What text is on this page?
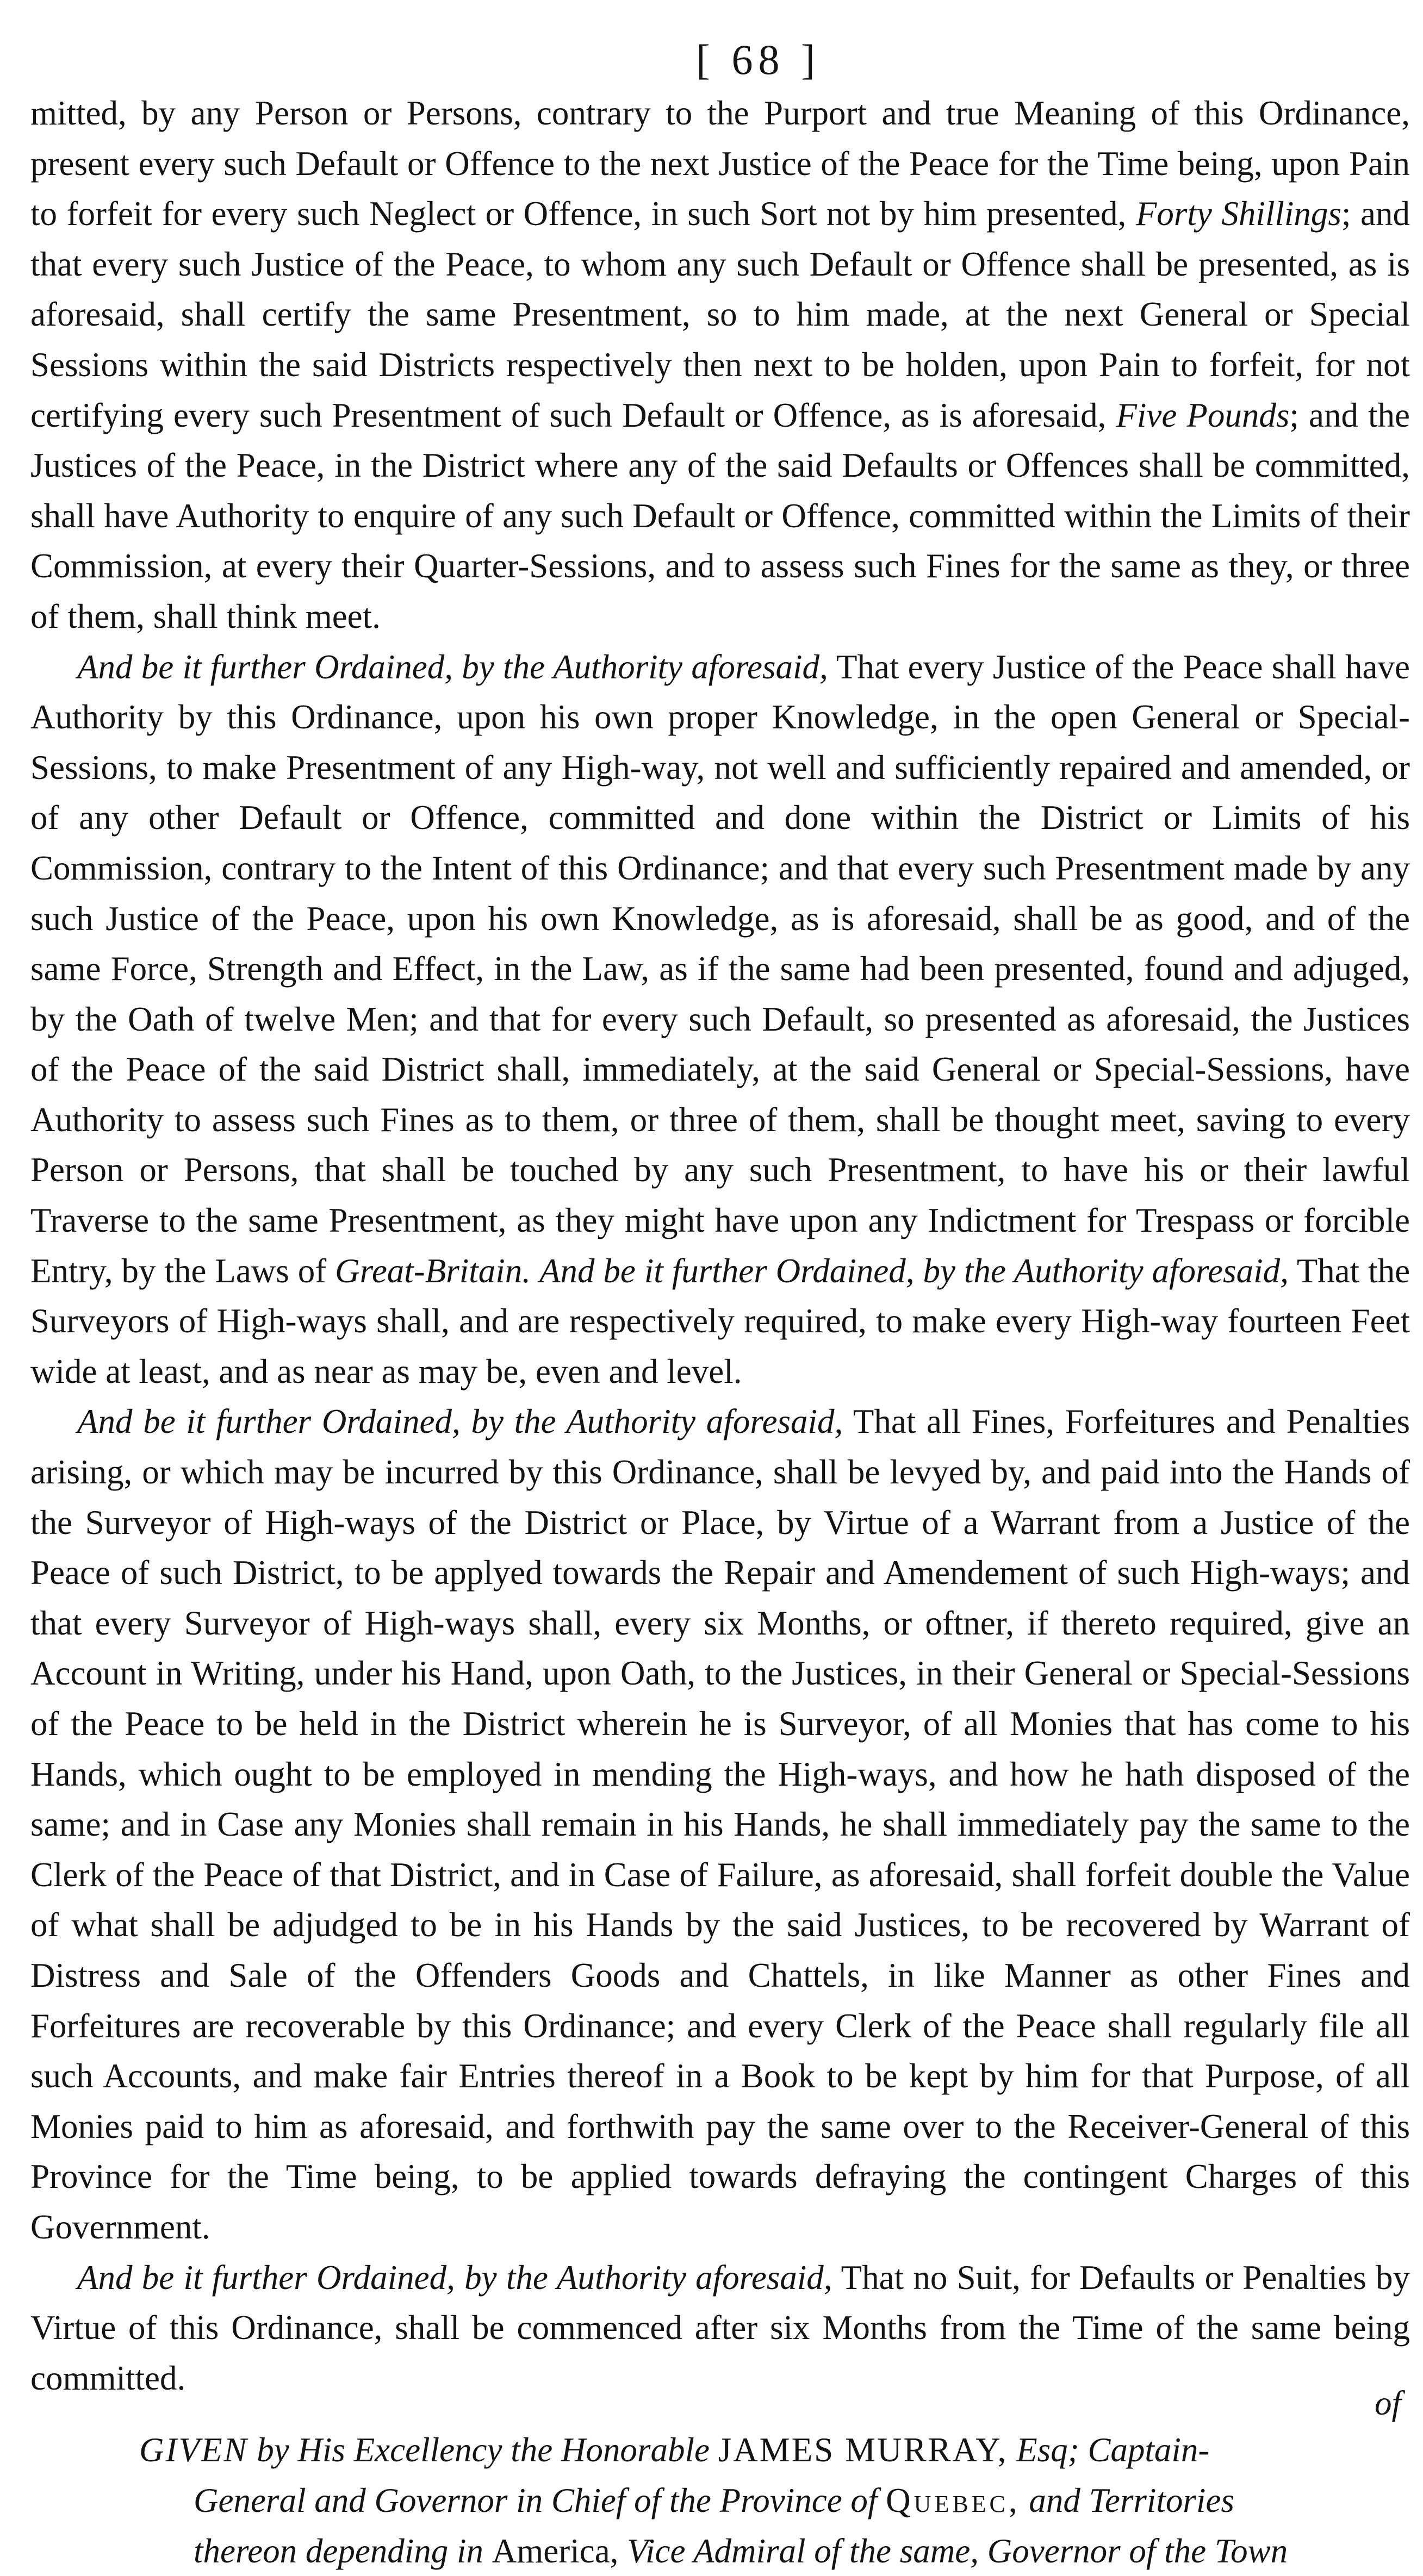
[ 68 ]

mitted, by any Person or Persons, contrary to the Purport and true Meaning of this Ordinance, present every such Default or Offence to the next Justice of the Peace for the Time being, upon Pain to forfeit for every such Neglect or Offence, in such Sort not by him presented, Forty Shillings; and that every such Justice of the Peace, to whom any such Default or Offence shall be presented, as is aforesaid, shall certify the same Presentment, so to him made, at the next General or Special Sessions within the said Districts respectively then next to be holden, upon Pain to forfeit, for not certifying every such Presentment of such Default or Offence, as is aforesaid, Five Pounds; and the Justices of the Peace, in the District where any of the said Defaults or Offences shall be committed, shall have Authority to enquire of any such Default or Offence, committed within the Limits of their Commission, at every their Quarter-Sessions, and to assess such Fines for the same as they, or three of them, shall think meet.

And be it further Ordained, by the Authority aforesaid, That every Justice of the Peace shall have Authority by this Ordinance, upon his own proper Knowledge, in the open General or Special-Sessions, to make Presentment of any High-way, not well and sufficiently repaired and amended, or of any other Default or Offence, committed and done within the District or Limits of his Commission, contrary to the Intent of this Ordinance; and that every such Presentment made by any such Justice of the Peace, upon his own Knowledge, as is aforesaid, shall be as good, and of the same Force, Strength and Effect, in the Law, as if the same had been presented, found and adjuged, by the Oath of twelve Men; and that for every such Default, so presented as aforesaid, the Justices of the Peace of the said District shall, immediately, at the said General or Special-Sessions, have Authority to assess such Fines as to them, or three of them, shall be thought meet, saving to every Person or Persons, that shall be touched by any such Presentment, to have his or their lawful Traverse to the same Presentment, as they might have upon any Indictment for Trespass or forcible Entry, by the Laws of Great-Britain. And be it further Ordained, by the Authority aforesaid, That the Surveyors of High-ways shall, and are respectively required, to make every High-way fourteen Feet wide at least, and as near as may be, even and level.

And be it further Ordained, by the Authority aforesaid, That all Fines, Forfeitures and Penalties arising, or which may be incurred by this Ordinance, shall be levyed by, and paid into the Hands of the Surveyor of High-ways of the District or Place, by Virtue of a Warrant from a Justice of the Peace of such District, to be applyed towards the Repair and Amendement of such High-ways; and that every Surveyor of High-ways shall, every six Months, or oftner, if thereto required, give an Account in Writing, under his Hand, upon Oath, to the Justices, in their General or Special-Sessions of the Peace to be held in the District wherein he is Surveyor, of all Monies that has come to his Hands, which ought to be employed in mending the High-ways, and how he hath disposed of the same; and in Case any Monies shall remain in his Hands, he shall immediately pay the same to the Clerk of the Peace of that District, and in Case of Failure, as aforesaid, shall forfeit double the Value of what shall be adjudged to be in his Hands by the said Justices, to be recovered by Warrant of Distress and Sale of the Offenders Goods and Chattels, in like Manner as other Fines and Forfeitures are recoverable by this Ordinance; and every Clerk of the Peace shall regularly file all such Accounts, and make fair Entries thereof in a Book to be kept by him for that Purpose, of all Monies paid to him as aforesaid, and forthwith pay the same over to the Receiver-General of this Province for the Time being, to be applied towards defraying the contingent Charges of this Government.

And be it further Ordained, by the Authority aforesaid, That no Suit, for Defaults or Penalties by Virtue of this Ordinance, shall be commenced after six Months from the Time of the same being committed.

GIVEN by His Excellency the Honorable JAMES MURRAY, Esq; Captain-
General and Governor in Chief of the Province of Quebec, and Territories
thereon depending in America, Vice Admiral of the same, Governor of the Town
of
